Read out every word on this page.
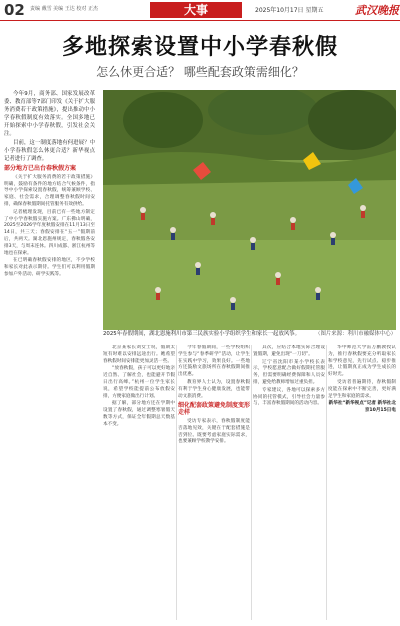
02 责编 戴雪 美编 王达 校对 正杰	大事	2025年10月17日 星期五	武汉晚报
多地探索设置中小学春秋假
怎么休更合适？ 哪些配套政策需细化？

今年9月，商务部、国家发展改革委、教育部等7部门印发《关于扩大服务消费若干政策措施》，提出推动中小学春秋假制度有效落实。全国多地已开始探索中小学春秋假，引发社会关注。

目前，这一制度落地有何进展？中小学春秋假怎么休更合适？新华视点记者进行了调查。

部分地方已出台春秋假方案

《关于扩大服务消费的若干政策措施》明确，鼓励有条件的地方结合气候条件，指导中小学探索设置春秋假，统筹兼顾学校、家庭、社会需求，合理调整春秋假时间安排，确保春秋假期间托管服务有效供给。

记者梳理发现，目前已有一些地方制定了中小学春秋假实施方案。广东佛山明确，2025至2026学年度秋假安排在11月13日至14日，共三天；春假安排在“五一”假期前后，共两天。湖北恩施州规定，春秋假各安排3天，与周末连休。四川成都、浙江杭州等地也在探索。

在已明确春秋假安排的地区，不少学校和家长对此表示期待。学生们可以利用假期参加户外活动、研学实践等。

2025年春假期间，湖北恩施利川市第三民族实验小学组织学生和家长一起放风筝。	（图片来源：利川市融媒体中心）

北京某家长刘女士说，假期太短有时难以安排远途出行。她希望春秋假时间安排能更加灵活一些。

“放春秋假，孩子可以更好地亲近自然、了解社会，也能避开节假日出行高峰。”杭州一位学生家长说，希望学校能提前公布放假安排，方便家庭做出行计划。

据了解，部分地方还在学期中设置了春秋假，通过调整寒暑假天数等方式，保证全年假期总天数基本不变。

今年春假期间，一些学校组织学生参与“春季研学”活动，让学生在实践中学习，效果良好。一些地方还鼓励文旅场所在春秋假期间推出优惠。

教育界人士认为，设置春秋假有利于学生身心健康发展，也能带动文旅消费。

细化配套政策避免制度变形走样

受访专家表示，春秋假制度能否落地见效，关键在于配套措施是否到位。既要考虑家庭实际需求，也要兼顾学校教学安排。

其次，应结合本地实际合理设置假期，避免出现“一刀切”。

辽宁省沈阳市某小学校长表示，学校愿意配合做好假期托管服务，但需要明确经费保障和人员安排，避免给教师增加过重负担。

专家建议，各地可以探索多方协同的托管模式，引导社会力量参与，丰富春秋假期间的活动内容。

华中师范大学雷万鹏教授认为，推行春秋假要充分听取家长和学校意见，先行试点、稳步推进，让假期真正成为学生成长的好时光。

受访者普遍期待，春秋假制度能在探索中不断完善，更好满足学生和家庭的需求。

新华社“新华视点”记者 新华社北京10月15日电
